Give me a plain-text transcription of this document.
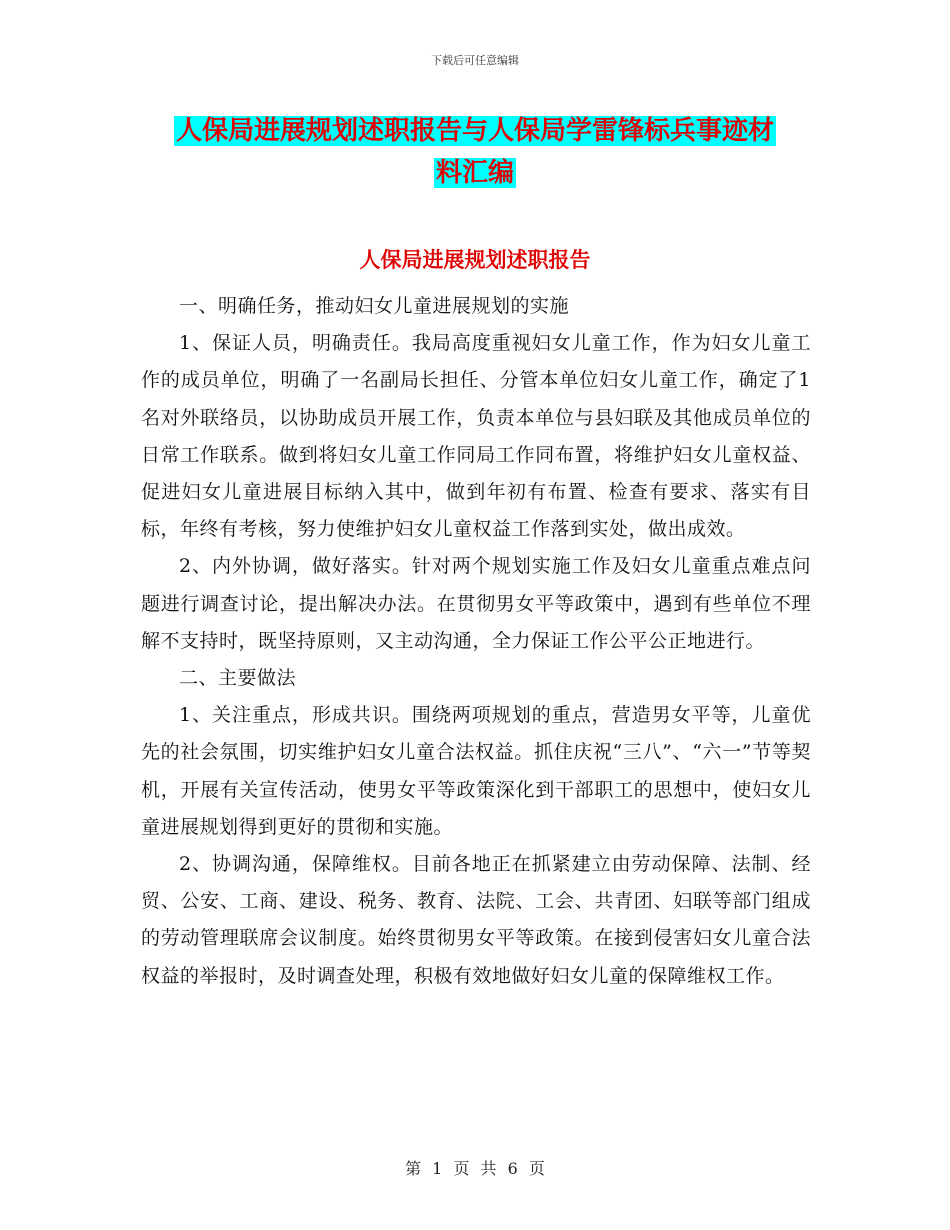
下载后可任意编辑
人保局进展规划述职报告与人保局学雷锋标兵事迹材
料汇编
人保局进展规划述职报告

一、明确任务，推动妇女儿童进展规划的实施

1、保证人员，明确责任。我局高度重视妇女儿童工作，作为妇女儿童工作的成员单位，明确了一名副局长担任、分管本单位妇女儿童工作，确定了1名对外联络员，以协助成员开展工作，负责本单位与县妇联及其他成员单位的日常工作联系。做到将妇女儿童工作同局工作同布置，将维护妇女儿童权益、促进妇女儿童进展目标纳入其中，做到年初有布置、检查有要求、落实有目标，年终有考核，努力使维护妇女儿童权益工作落到实处，做出成效。

2、内外协调，做好落实。针对两个规划实施工作及妇女儿童重点难点问题进行调查讨论，提出解决办法。在贯彻男女平等政策中，遇到有些单位不理解不支持时，既坚持原则，又主动沟通，全力保证工作公平公正地进行。

二、主要做法

1、关注重点，形成共识。围绕两项规划的重点，营造男女平等，儿童优先的社会氛围，切实维护妇女儿童合法权益。抓住庆祝“三八”、“六一”节等契机，开展有关宣传活动，使男女平等政策深化到干部职工的思想中，使妇女儿童进展规划得到更好的贯彻和实施。

2、协调沟通，保障维权。目前各地正在抓紧建立由劳动保障、法制、经贸、公安、工商、建设、税务、教育、法院、工会、共青团、妇联等部门组成的劳动管理联席会议制度。始终贯彻男女平等政策。在接到侵害妇女儿童合法权益的举报时，及时调查处理，积极有效地做好妇女儿童的保障维权工作。

第 1 页 共 6 页
